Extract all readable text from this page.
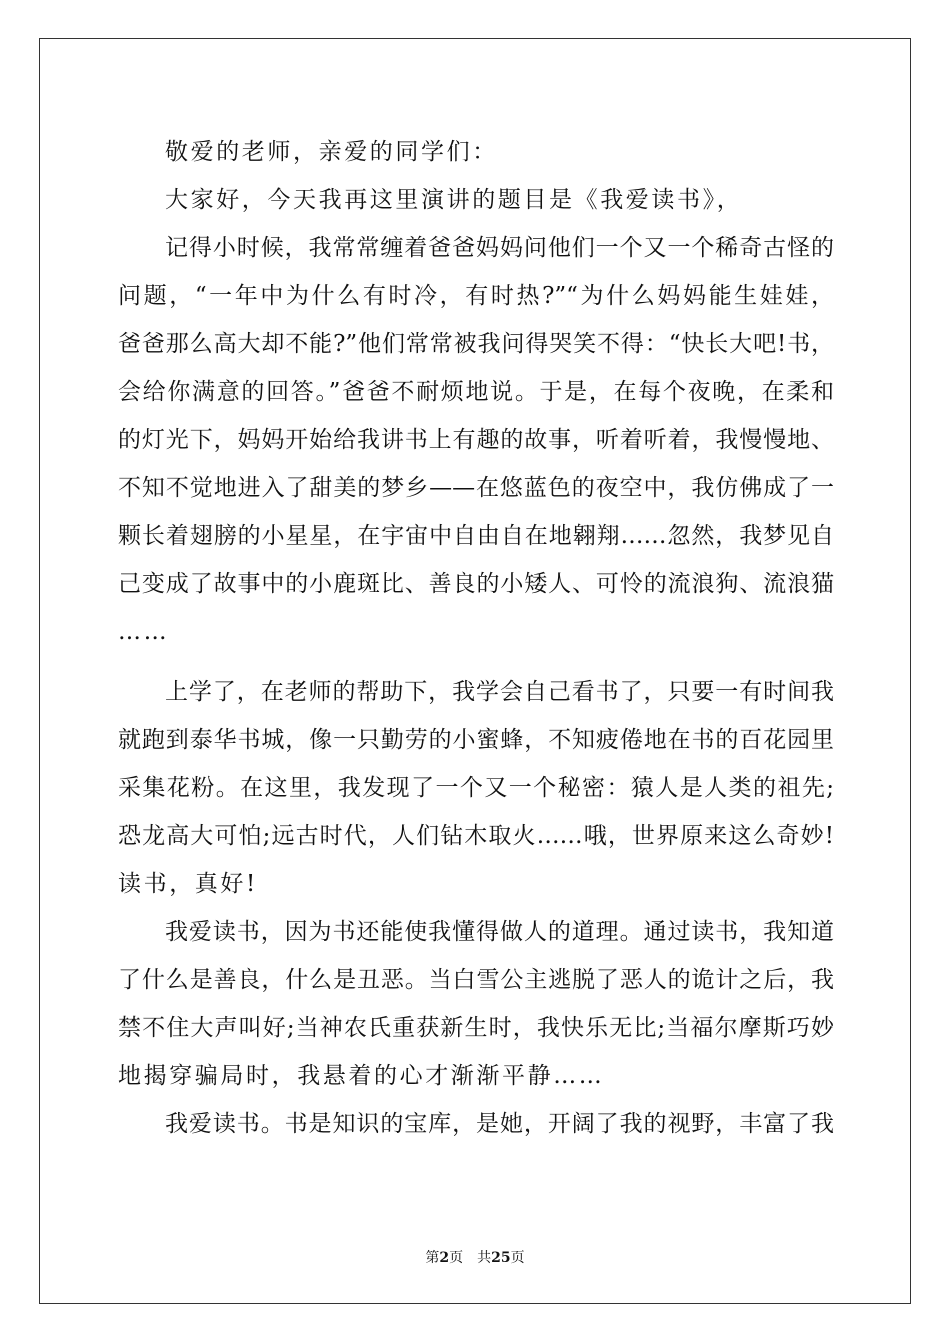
敬爱的老师，亲爱的同学们：
大家好，今天我再这里演讲的题目是《我爱读书》，
记得小时候，我常常缠着爸爸妈妈问他们一个又一个稀奇古怪的
问题，“一年中为什么有时冷，有时热?”“为什么妈妈能生娃娃，
爸爸那么高大却不能?”他们常常被我问得哭笑不得：“快长大吧!书，
会给你满意的回答。”爸爸不耐烦地说。于是，在每个夜晚，在柔和
的灯光下，妈妈开始给我讲书上有趣的故事，听着听着，我慢慢地、
不知不觉地进入了甜美的梦乡——在悠蓝色的夜空中，我仿佛成了一
颗长着翅膀的小星星，在宇宙中自由自在地翱翔……忽然，我梦见自
己变成了故事中的小鹿斑比、善良的小矮人、可怜的流浪狗、流浪猫
……
上学了，在老师的帮助下，我学会自己看书了，只要一有时间我
就跑到泰华书城，像一只勤劳的小蜜蜂，不知疲倦地在书的百花园里
采集花粉。在这里，我发现了一个又一个秘密：猿人是人类的祖先;
恐龙高大可怕;远古时代，人们钻木取火……哦，世界原来这么奇妙!
读书，真好!
我爱读书，因为书还能使我懂得做人的道理。通过读书，我知道
了什么是善良，什么是丑恶。当白雪公主逃脱了恶人的诡计之后，我
禁不住大声叫好;当神农氏重获新生时，我快乐无比;当福尔摩斯巧妙
地揭穿骗局时，我悬着的心才渐渐平静……
我爱读书。书是知识的宝库，是她，开阔了我的视野，丰富了我
第2页 共25页
